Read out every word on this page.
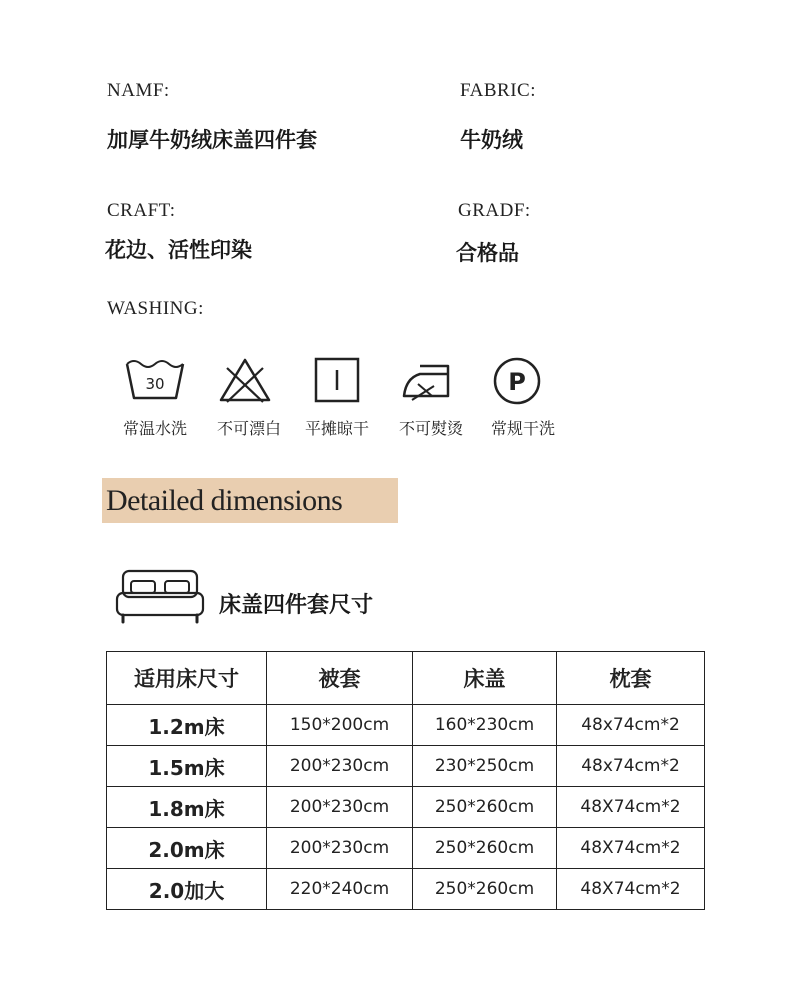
NAMF:
加厚牛奶绒床盖四件套
FABRIC:
牛奶绒
CRAFT:
花边、活性印染
GRADF:
合格品
WASHING:
30
常温水洗	不可漂白	平摊晾干	不可熨烫
P
常规干洗
Detailed dimensions
床盖四件套尺寸
适用床尺寸	被套	床盖	枕套
1.2m床	150*200cm	160*230cm	48x74cm*2
1.5m床	200*230cm	230*250cm	48x74cm*2
1.8m床	200*230cm	250*260cm	48X74cm*2
2.0m床	200*230cm	250*260cm	48X74cm*2
2.0加大	220*240cm	250*260cm	48X74cm*2
